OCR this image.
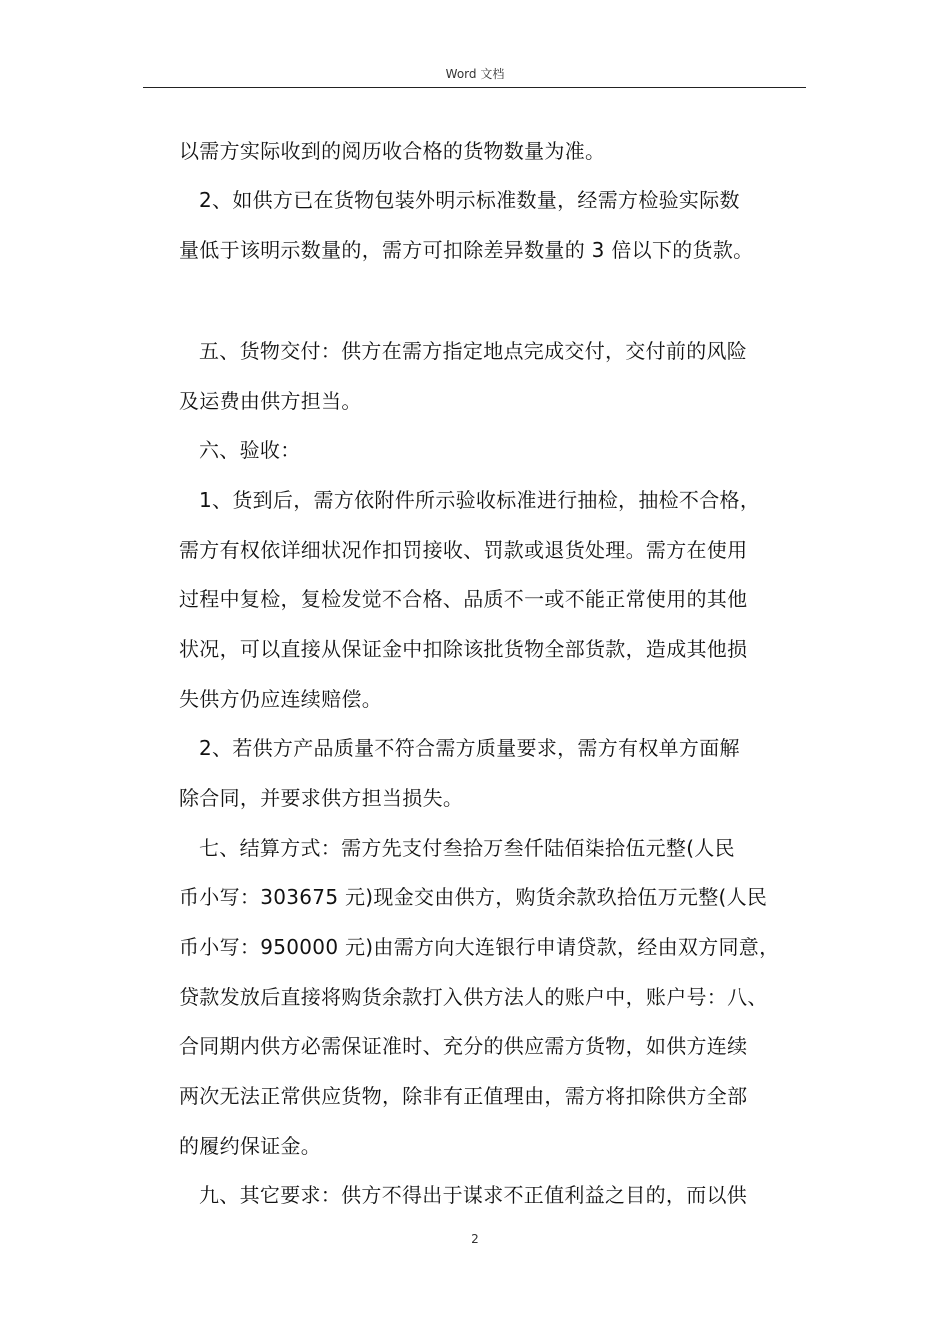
Word 文档
以需方实际收到的阅历收合格的货物数量为准。
2、如供方已在货物包装外明示标准数量，经需方检验实际数
量低于该明示数量的，需方可扣除差异数量的 3 倍以下的货款。
五、货物交付：供方在需方指定地点完成交付，交付前的风险
及运费由供方担当。
六、验收：
1、货到后，需方依附件所示验收标准进行抽检，抽检不合格，
需方有权依详细状况作扣罚接收、罚款或退货处理。需方在使用
过程中复检，复检发觉不合格、品质不一或不能正常使用的其他
状况，可以直接从保证金中扣除该批货物全部货款，造成其他损
失供方仍应连续赔偿。
2、若供方产品质量不符合需方质量要求，需方有权单方面解
除合同，并要求供方担当损失。
七、结算方式：需方先支付叁拾万叁仟陆佰柒拾伍元整(人民
币小写：303675 元)现金交由供方，购货余款玖拾伍万元整(人民
币小写：950000 元)由需方向大连银行申请贷款，经由双方同意，
贷款发放后直接将购货余款打入供方法人的账户中，账户号：八、
合同期内供方必需保证准时、充分的供应需方货物，如供方连续
两次无法正常供应货物，除非有正值理由，需方将扣除供方全部
的履约保证金。
九、其它要求：供方不得出于谋求不正值利益之目的，而以供
2
